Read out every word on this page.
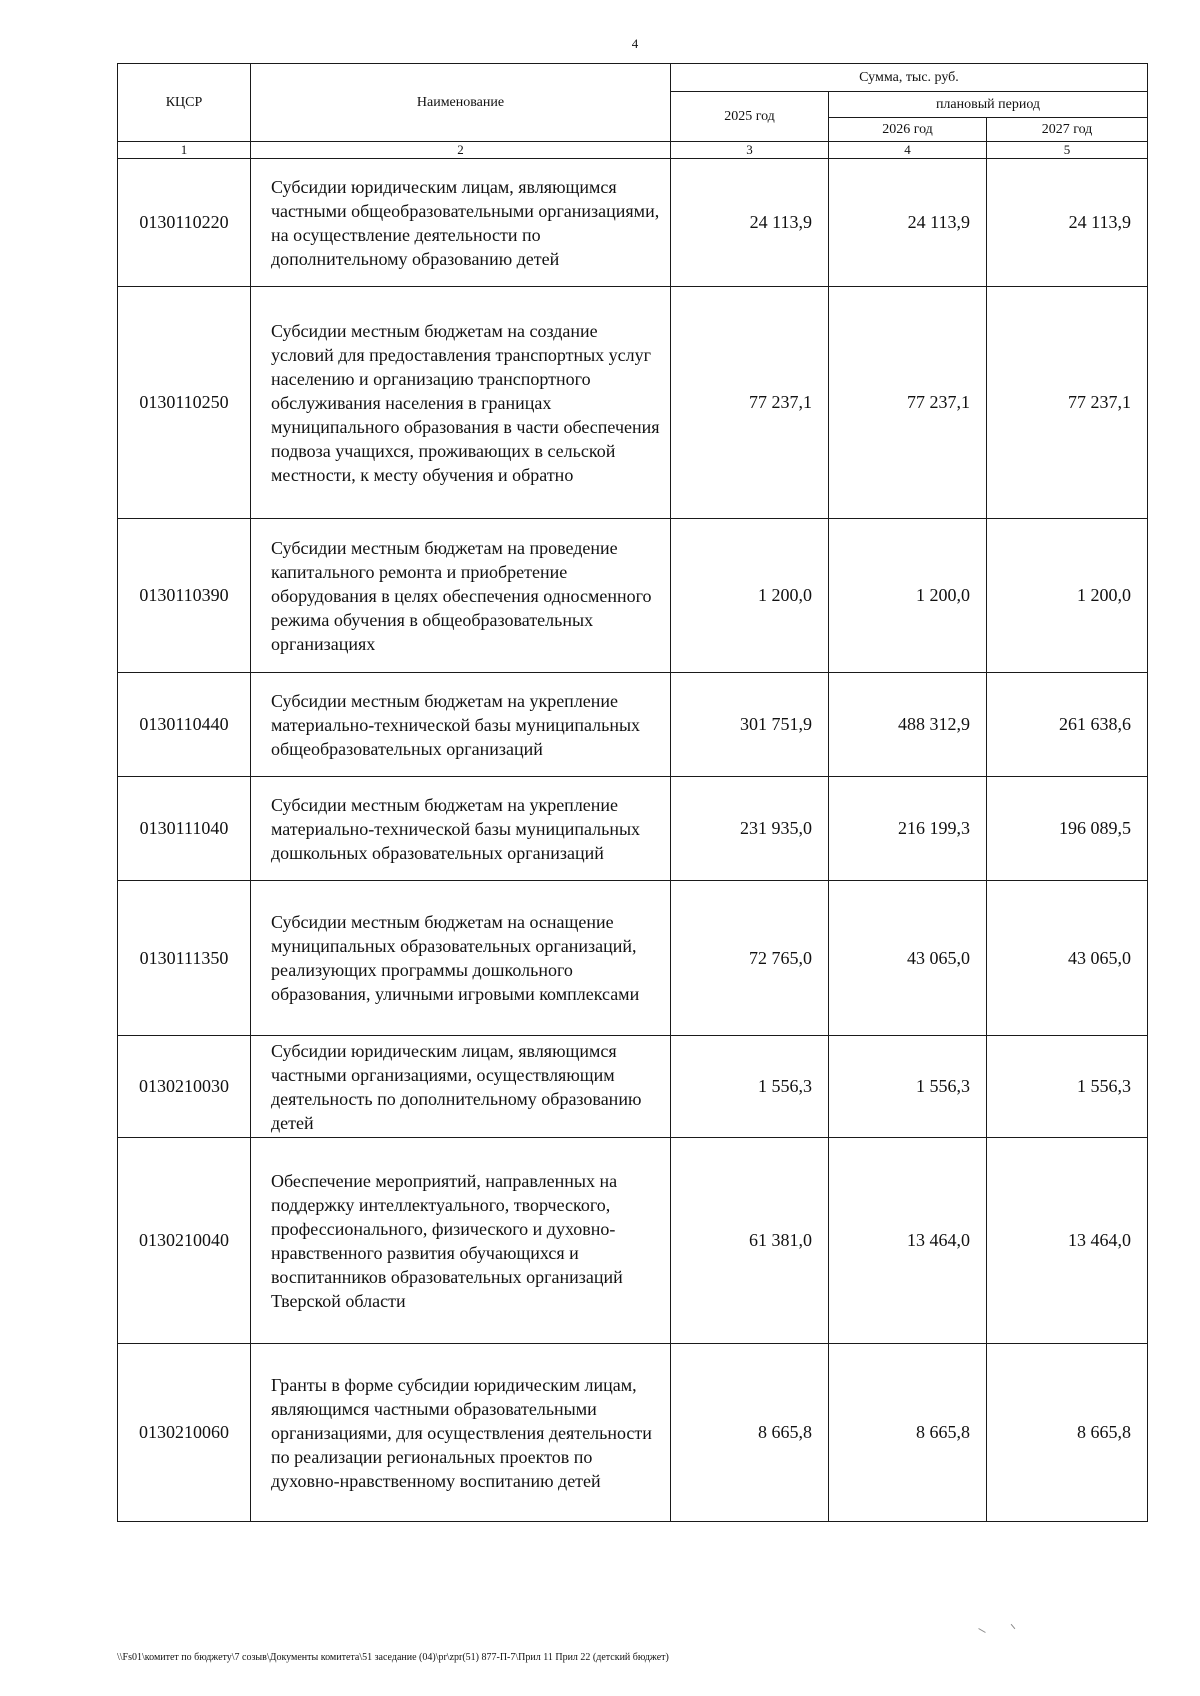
4
КЦСР	Наименование	Сумма, тыс. руб.		
		2025 год	плановый период	
			2026 год	2027 год
1	2	3	4	5
0130110220	Субсидии юридическим лицам, являющимся частными общеобразовательными организациями, на осуществление деятельности по дополнительному образованию детей	24 113,9	24 113,9	24 113,9
0130110250	Субсидии местным бюджетам на создание условий для предоставления транспортных услуг населению и организацию транспортного обслуживания населения в границах муниципального образования в части обеспечения подвоза учащихся, проживающих в сельской местности, к месту обучения и обратно	77 237,1	77 237,1	77 237,1
0130110390	Субсидии местным бюджетам на проведение капитального ремонта и приобретение оборудования в целях обеспечения односменного режима обучения в общеобразовательных организациях	1 200,0	1 200,0	1 200,0
0130110440	Субсидии местным бюджетам на укрепление материально-технической базы муниципальных общеобразовательных организаций	301 751,9	488 312,9	261 638,6
0130111040	Субсидии местным бюджетам на укрепление материально-технической базы муниципальных дошкольных образовательных организаций	231 935,0	216 199,3	196 089,5
0130111350	Субсидии местным бюджетам на оснащение муниципальных образовательных организаций, реализующих программы дошкольного образования, уличными игровыми комплексами	72 765,0	43 065,0	43 065,0
0130210030	Субсидии юридическим лицам, являющимся частными организациями, осуществляющим деятельность по дополнительному образованию детей	1 556,3	1 556,3	1 556,3
0130210040	Обеспечение мероприятий, направленных на поддержку интеллектуального, творческого, профессионального, физического и духовно-нравственного развития обучающихся и воспитанников образовательных организаций Тверской области	61 381,0	13 464,0	13 464,0
0130210060	Гранты в форме субсидии юридическим лицам, являющимся частными образовательными организациями, для осуществления деятельности по реализации региональных проектов по духовно-нравственному воспитанию детей	8 665,8	8 665,8	8 665,8
\\Fs01\комитет по бюджету\7 созыв\Документы комитета\51 заседание (04)\pr\zpr(51) 877-П-7\Прил 11 Прил 22 (детский бюджет)
